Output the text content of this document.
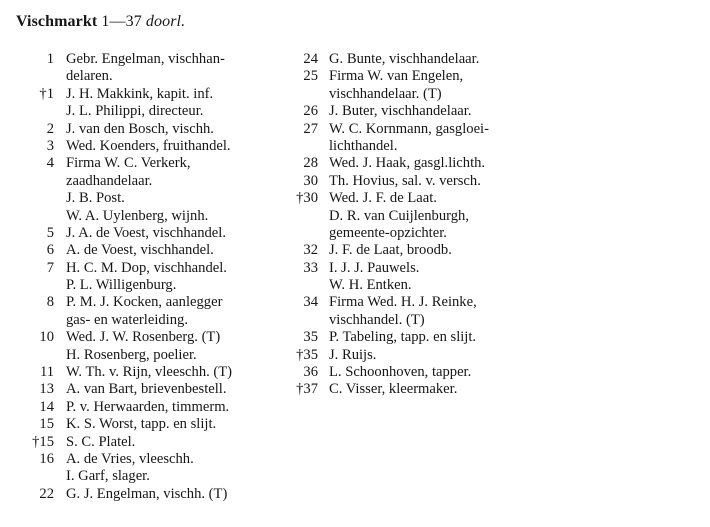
Vischmarkt 1—37 doorl.
1 Gebr. Engelman, vischhan-
delaren.
†1 J. H. Makkink, kapit. inf.
J. L. Philippi, directeur.
2 J. van den Bosch, vischh.
3 Wed. Koenders, fruithandel.
4 Firma W. C. Verkerk,
zaadhandelaar.
J. B. Post.
W. A. Uylenberg, wijnh.
5 J. A. de Voest, vischhandel.
6 A. de Voest, vischhandel.
7 H. C. M. Dop, vischhandel.
P. L. Willigenburg.
8 P. M. J. Kocken, aanlegger
gas- en waterleiding.
10 Wed. J. W. Rosenberg. (T)
H. Rosenberg, poelier.
11 W. Th. v. Rijn, vleeschh. (T)
13 A. van Bart, brievenbestell.
14 P. v. Herwaarden, timmerm.
15 K. S. Worst, tapp. en slijt.
†15 S. C. Platel.
16 A. de Vries, vleeschh.
I. Garf, slager.
22 G. J. Engelman, vischh. (T)
24 G. Bunte, vischhandelaar.
25 Firma W. van Engelen,
vischhandelaar. (T)
26 J. Buter, vischhandelaar.
27 W. C. Kornmann, gasgloei-
lichthandel.
28 Wed. J. Haak, gasgl.lichth.
30 Th. Hovius, sal. v. versch.
†30 Wed. J. F. de Laat.
D. R. van Cuijlenburgh,
gemeente-opzichter.
32 J. F. de Laat, broodb.
33 I. J. J. Pauwels.
W. H. Entken.
34 Firma Wed. H. J. Reinke,
vischhandel. (T)
35 P. Tabeling, tapp. en slijt.
†35 J. Ruijs.
36 L. Schoonhoven, tapper.
†37 C. Visser, kleermaker.
